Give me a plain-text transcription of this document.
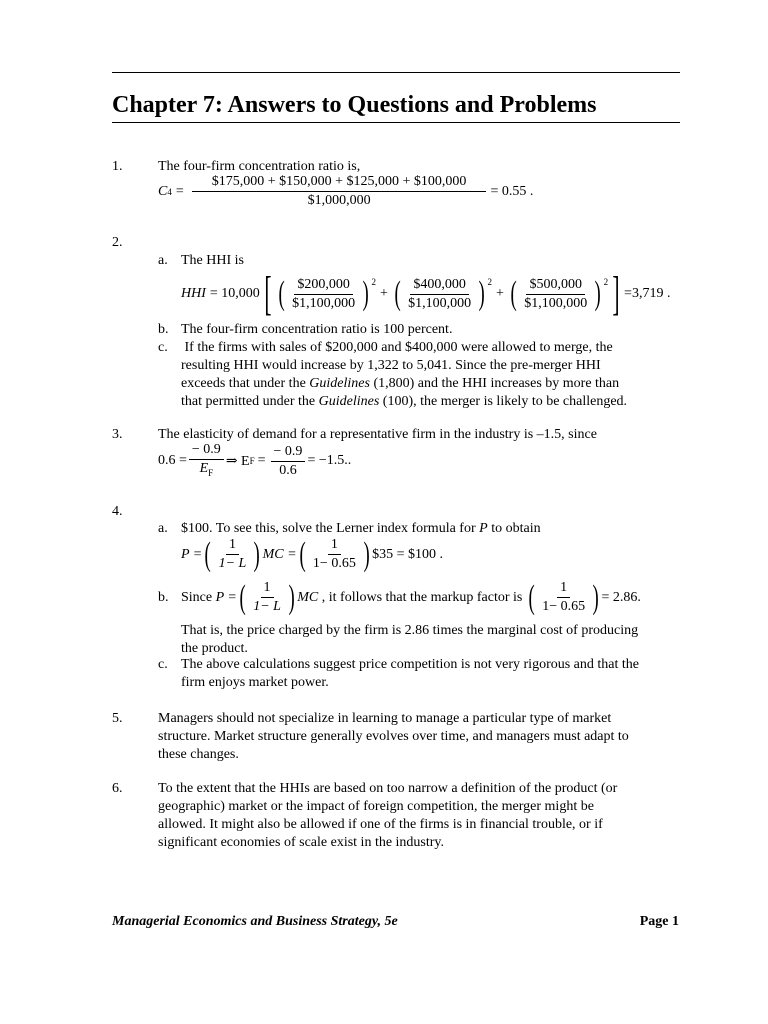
Chapter 7: Answers to Questions and Problems
1.	The four-firm concentration ratio is,
C $4 = \frac{\$175,000 + \$150,000 + \$125,000 + \$100,000}{\$1,000,000} = 0.55$ .
2.
a. The HHI is
HHI = 10,000 [ ( $\frac{\$200,000}{\$1,100,000}$ ) 2
+ ( $\frac{\$400,000}{\$1,100,000}$ ) 2
+ ( $\frac{\$500,000}{\$1,100,000}$ ) 2 ] =3,719 .
b. The four-firm concentration ratio is 100 percent.
c. If the firms with sales of $200,000 and $400,000 were allowed to merge, the
resulting HHI would increase by 1,322 to 5,041. Since the pre-merger HHI
exceeds that under the Guidelines (1,800) and the HHI increases by more than
that permitted under the Guidelines (100), the merger is likely to be challenged.
3.	The elasticity of demand for a representative firm in the industry is –1.5, since
$0.6 = \frac{- 0.9}{E_F}$ ⇒ E $F = \frac{- 0.9}{0.6} = -1.5$..
4.
a. $100. To see this, solve the Lerner index formula for P to obtain
P = ( $\frac{1}{1- L}$ ) MC = ( $\frac{1}{1- 0.65}$ ) $35 = $100 .
b. Since P = ( $\frac{1}{1- L}$ ) MC , it follows that the markup factor is ( $\frac{1}{1- 0.65}$ ) = 2.86.
That is, the price charged by the firm is 2.86 times the marginal cost of producing
the product.
c. The above calculations suggest price competition is not very rigorous and that the
firm enjoys market power.
5.	Managers should not specialize in learning to manage a particular type of market
structure. Market structure generally evolves over time, and managers must adapt to
these changes.
6.	To the extent that the HHIs are based on too narrow a definition of the product (or
geographic) market or the impact of foreign competition, the merger might be
allowed. It might also be allowed if one of the firms is in financial trouble, or if
significant economies of scale exist in the industry.
Managerial Economics and Business Strategy, 5e	Page 1
